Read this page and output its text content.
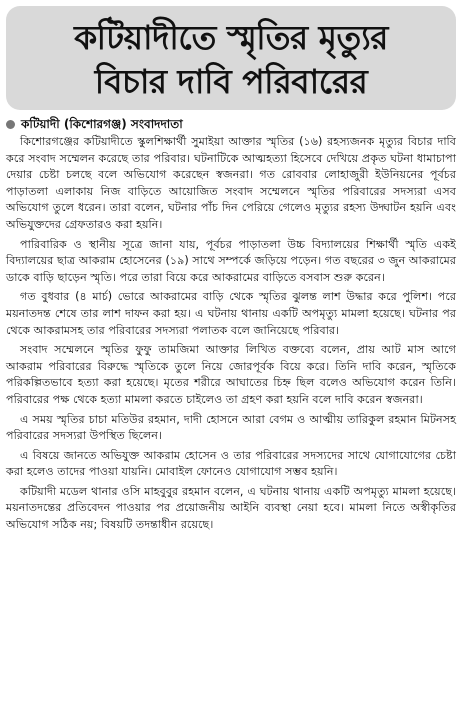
কটিয়াদীতে স্মৃতির মৃত্যুর
বিচার দাবি পরিবারের
কটিয়াদী (কিশোরগঞ্জ) সংবাদদাতা

কিশোরগঞ্জের কটিয়াদীতে স্কুলশিক্ষার্থী সুমাইয়া আক্তার স্মৃতির (১৬) রহস্যজনক মৃত্যুর বিচার দাবি করে সংবাদ সম্মেলন করেছে তার পরিবার। ঘটনাটিকে আত্মহত্যা হিসেবে দেখিয়ে প্রকৃত ঘটনা ধামাচাপা দেয়ার চেষ্টা চলছে বলে অভিযোগ করেছেন স্বজনরা। গত রোববার লোহাজুরী ইউনিয়নের পূর্বচর পাড়াতলা এলাকায় নিজ বাড়িতে আয়োজিত সংবাদ সম্মেলনে স্মৃতির পরিবারের সদস্যরা এসব অভিযোগ তুলে ধরেন। তারা বলেন, ঘটনার পাঁচ দিন পেরিয়ে গেলেও মৃত্যুর রহস্য উদ্ঘাটন হয়নি এবং অভিযুক্তদের গ্রেফতারও করা হয়নি।

পারিবারিক ও স্থানীয় সূত্রে জানা যায়, পূর্বচর পাড়াতলা উচ্চ বিদ্যালয়ের শিক্ষার্থী স্মৃতি একই বিদ্যালয়ের ছাত্র আকরাম হোসেনের (১৯) সাথে সম্পর্কে জড়িয়ে পড়েন। গত বছরের ৩ জুন আকরামের ডাকে বাড়ি ছাড়েন স্মৃতি। পরে তারা বিয়ে করে আকরামের বাড়িতে বসবাস শুরু করেন।

গত বুধবার (৪ মার্চ) ভোরে আকরামের বাড়ি থেকে স্মৃতির ঝুলন্ত লাশ উদ্ধার করে পুলিশ। পরে ময়নাতদন্ত শেষে তার লাশ দাফন করা হয়। এ ঘটনায় থানায় একটি অপমৃত্যু মামলা হয়েছে। ঘটনার পর থেকে আকরামসহ তার পরিবারের সদস্যরা পলাতক বলে জানিয়েছে পরিবার।

সংবাদ সম্মেলনে স্মৃতির ফুফু তামজিমা আক্তার লিখিত বক্তব্যে বলেন, প্রায় আট মাস আগে আকরাম পরিবারের বিরুদ্ধে স্মৃতিকে তুলে নিয়ে জোরপূর্বক বিয়ে করে। তিনি দাবি করেন, স্মৃতিকে পরিকল্পিতভাবে হত্যা করা হয়েছে। মৃতের শরীরে আঘাতের চিহ্ন ছিল বলেও অভিযোগ করেন তিনি। পরিবারের পক্ষ থেকে হত্যা মামলা করতে চাইলেও তা গ্রহণ করা হয়নি বলে দাবি করেন স্বজনরা।

এ সময় স্মৃতির চাচা মতিউর রহমান, দাদী হোসনে আরা বেগম ও আত্মীয় তারিকুল রহমান মিটনসহ পরিবারের সদস্যরা উপস্থিত ছিলেন।

এ বিষয়ে জানতে অভিযুক্ত আকরাম হোসেন ও তার পরিবারের সদস্যদের সাথে যোগাযোগের চেষ্টা করা হলেও তাদের পাওয়া যায়নি। মোবাইল ফোনেও যোগাযোগ সম্ভব হয়নি।

কটিয়াদী মডেল থানার ওসি মাহবুবুর রহমান বলেন, এ ঘটনায় থানায় একটি অপমৃত্যু মামলা হয়েছে। ময়নাতদন্তের প্রতিবেদন পাওয়ার পর প্রয়োজনীয় আইনি ব্যবস্থা নেয়া হবে। মামলা নিতে অস্বীকৃতির অভিযোগ সঠিক নয়; বিষয়টি তদন্তাধীন রয়েছে।
